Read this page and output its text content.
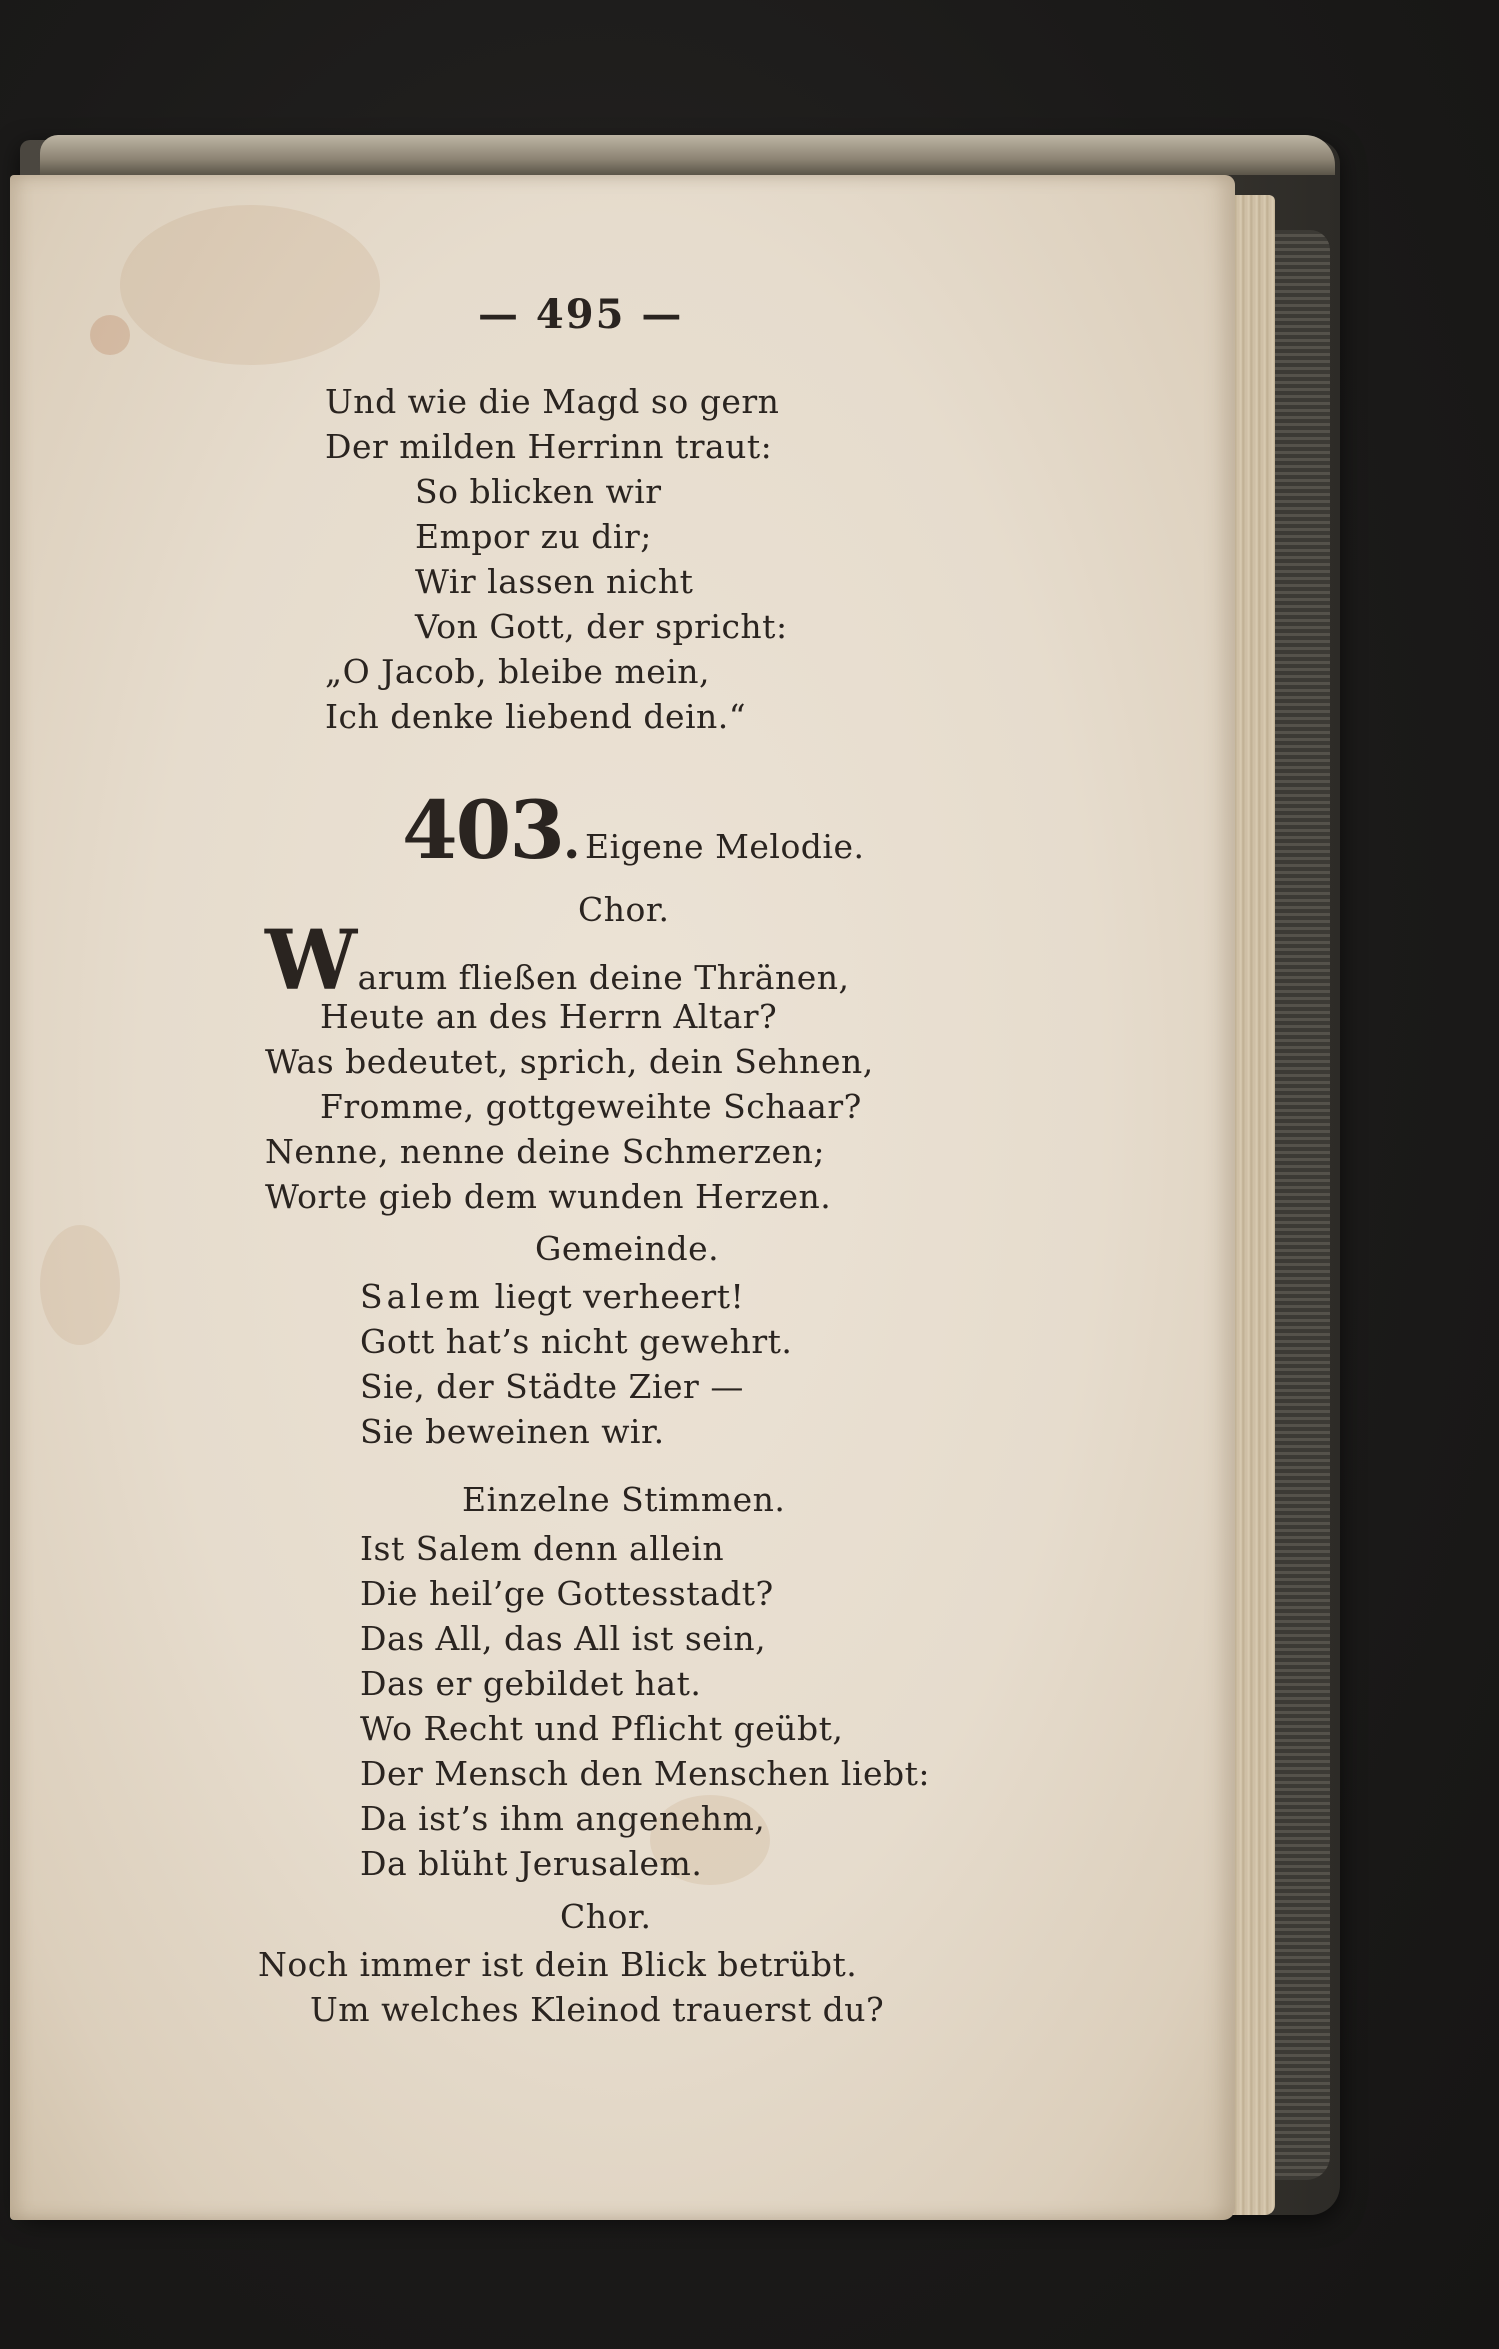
— 495 —
Und wie die Magd so gern
Der milden Herrinn traut:
So blicken wir
Empor zu dir;
Wir lassen nicht
Von Gott, der spricht:
„O Jacob, bleibe mein,
Ich denke liebend dein.“
403. Eigene Melodie.
Chor.
Warum fließen deine Thränen,
Heute an des Herrn Altar?
Was bedeutet, sprich, dein Sehnen,
Fromme, gottgeweihte Schaar?
Nenne, nenne deine Schmerzen;
Worte gieb dem wunden Herzen.
Gemeinde.
Salem liegt verheert!
Gott hat’s nicht gewehrt.
Sie, der Städte Zier —
Sie beweinen wir.
Einzelne Stimmen.
Ist Salem denn allein
Die heil’ge Gottesstadt?
Das All, das All ist sein,
Das er gebildet hat.
Wo Recht und Pflicht geübt,
Der Mensch den Menschen liebt:
Da ist’s ihm angenehm,
Da blüht Jerusalem.
Chor.
Noch immer ist dein Blick betrübt.
Um welches Kleinod trauerst du?
